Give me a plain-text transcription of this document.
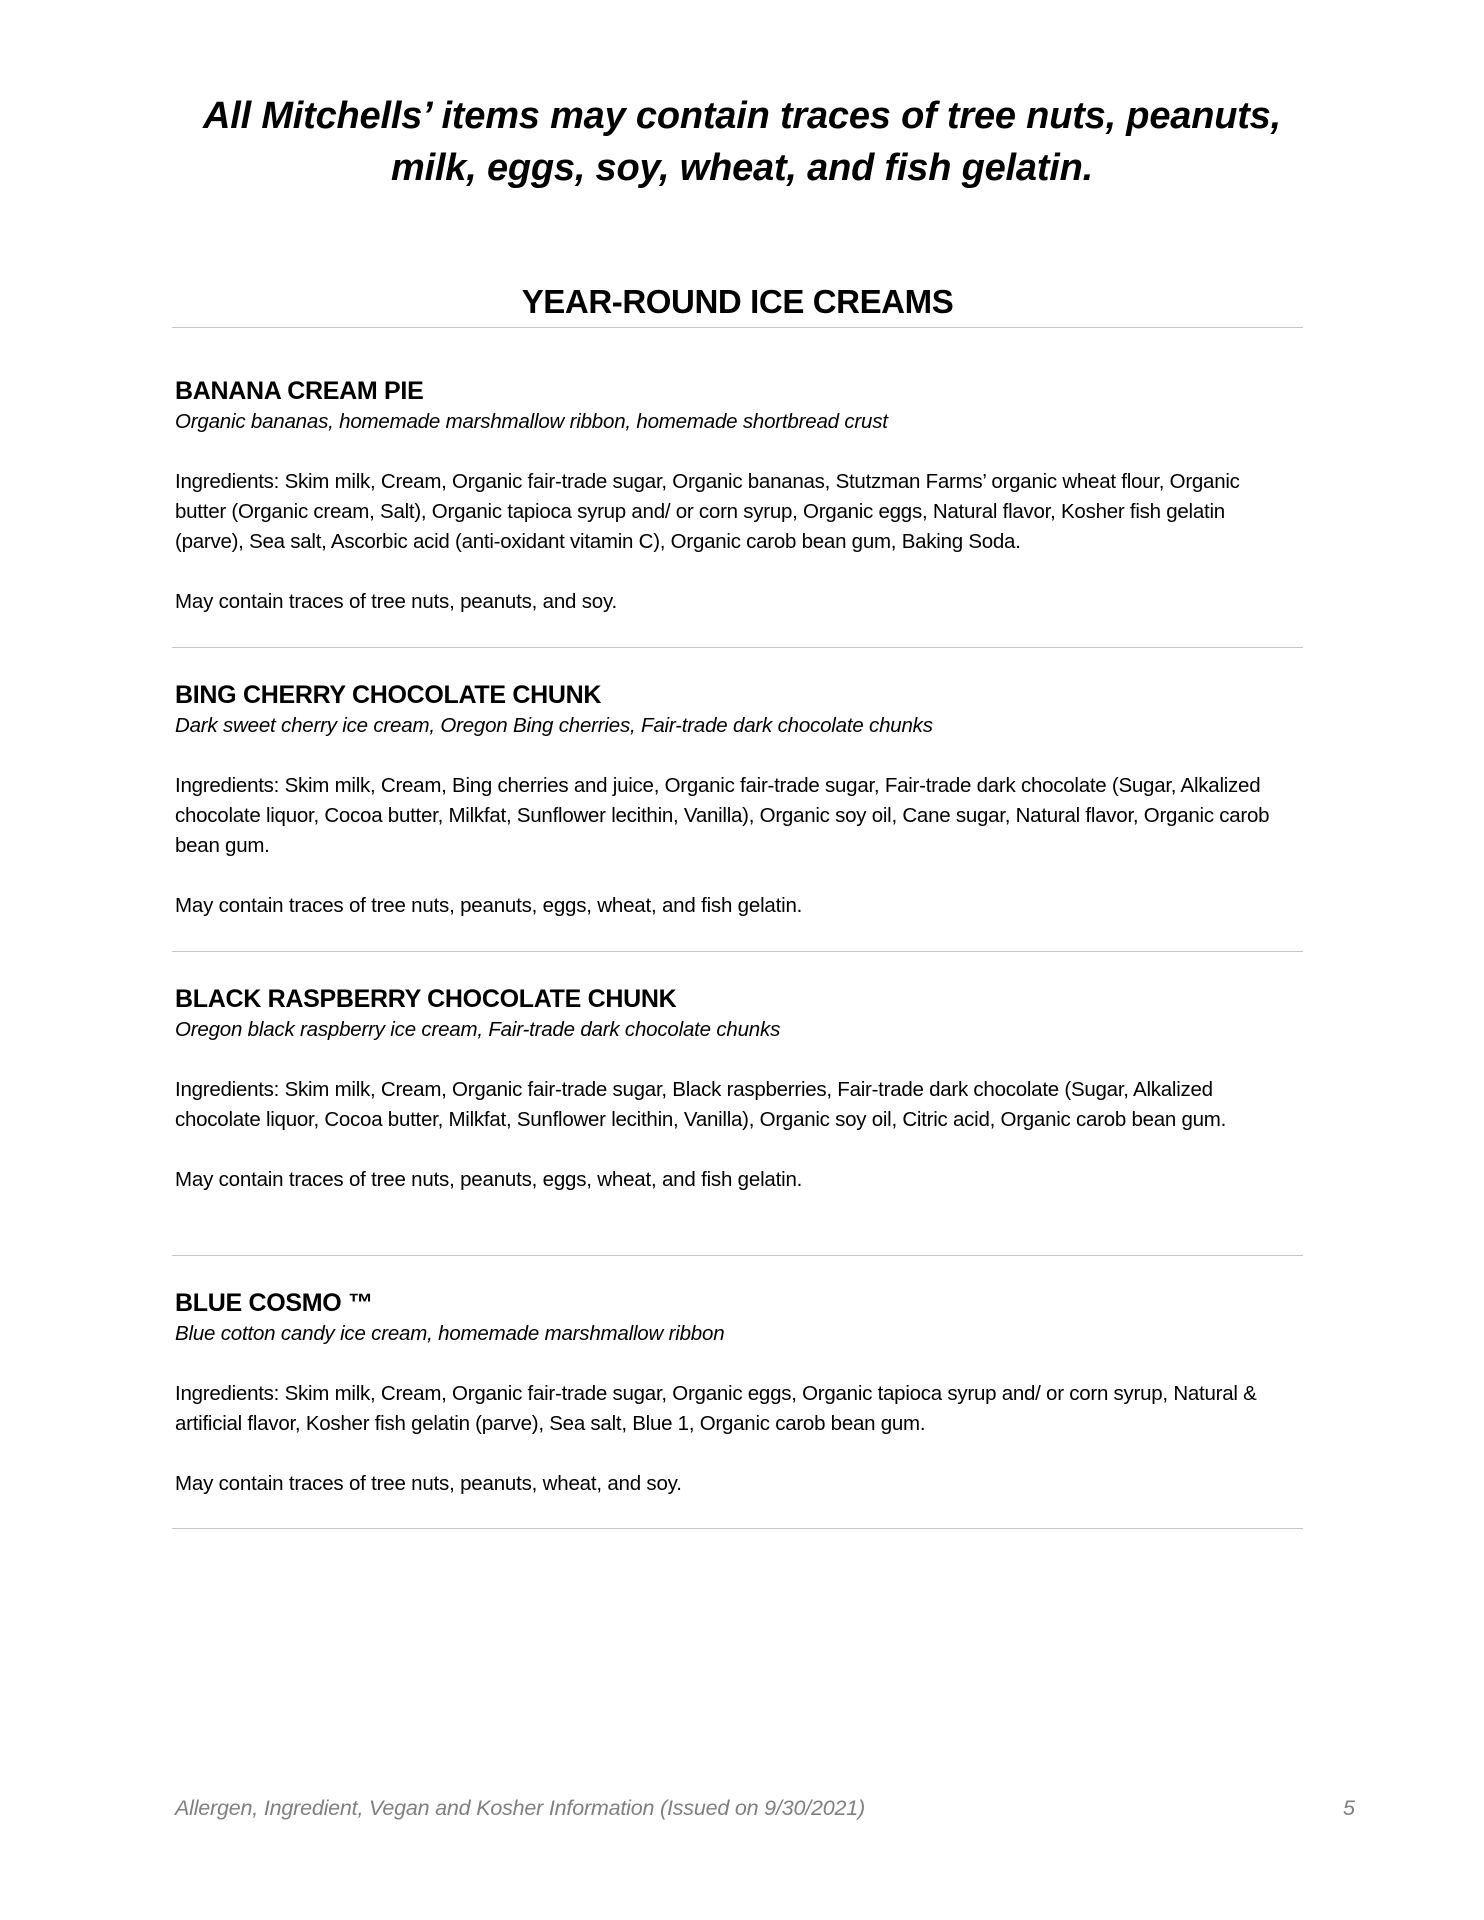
All Mitchells’ items may contain traces of tree nuts, peanuts,
milk, eggs, soy, wheat, and fish gelatin.
YEAR-ROUND ICE CREAMS

BANANA CREAM PIE

Organic bananas, homemade marshmallow ribbon, homemade shortbread crust

Ingredients: Skim milk, Cream, Organic fair-trade sugar, Organic bananas, Stutzman Farms’ organic wheat flour, Organic butter (Organic cream, Salt), Organic tapioca syrup and/ or corn syrup, Organic eggs, Natural flavor, Kosher fish gelatin (parve), Sea salt, Ascorbic acid (anti-oxidant vitamin C), Organic carob bean gum, Baking Soda.

May contain traces of tree nuts, peanuts, and soy.

BING CHERRY CHOCOLATE CHUNK

Dark sweet cherry ice cream, Oregon Bing cherries, Fair-trade dark chocolate chunks

Ingredients: Skim milk, Cream, Bing cherries and juice, Organic fair-trade sugar, Fair-trade dark chocolate (Sugar, Alkalized chocolate liquor, Cocoa butter, Milkfat, Sunflower lecithin, Vanilla), Organic soy oil, Cane sugar, Natural flavor, Organic carob bean gum.

May contain traces of tree nuts, peanuts, eggs, wheat, and fish gelatin.

BLACK RASPBERRY CHOCOLATE CHUNK

Oregon black raspberry ice cream, Fair-trade dark chocolate chunks

Ingredients: Skim milk, Cream, Organic fair-trade sugar, Black raspberries, Fair-trade dark chocolate (Sugar, Alkalized chocolate liquor, Cocoa butter, Milkfat, Sunflower lecithin, Vanilla), Organic soy oil, Citric acid, Organic carob bean gum.

May contain traces of tree nuts, peanuts, eggs, wheat, and fish gelatin.

BLUE COSMO ™

Blue cotton candy ice cream, homemade marshmallow ribbon

Ingredients: Skim milk, Cream, Organic fair-trade sugar, Organic eggs, Organic tapioca syrup and/ or corn syrup, Natural & artificial flavor, Kosher fish gelatin (parve), Sea salt, Blue 1, Organic carob bean gum.

May contain traces of tree nuts, peanuts, wheat, and soy.

Allergen, Ingredient, Vegan and Kosher Information (Issued on 9/30/2021)	5
